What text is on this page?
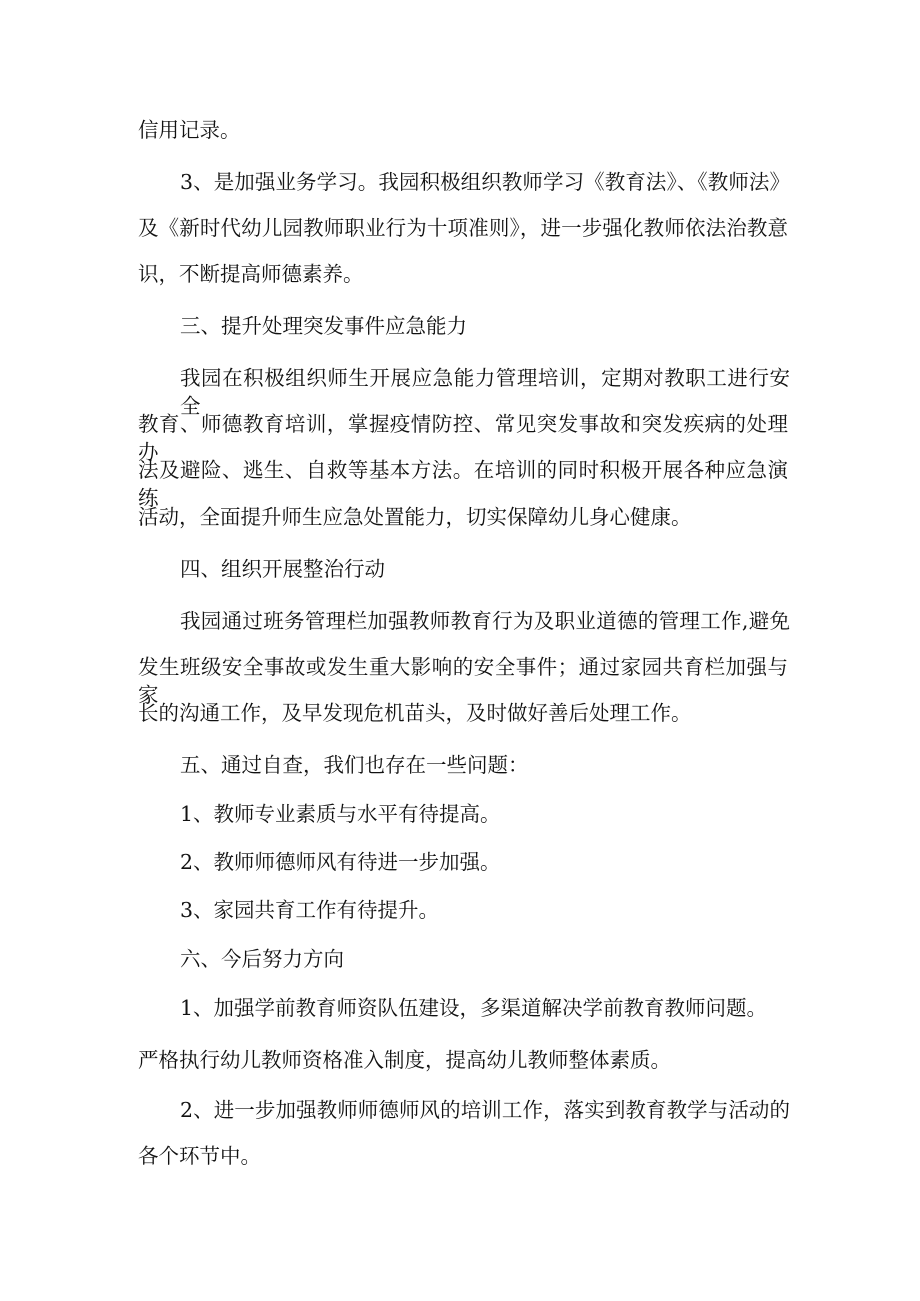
信用记录。
3、是加强业务学习。我园积极组织教师学习《教育法》、《教师法》
及《新时代幼儿园教师职业行为十项准则》，进一步强化教师依法治教意
识，不断提高师德素养。
三、提升处理突发事件应急能力
我园在积极组织师生开展应急能力管理培训，定期对教职工进行安全
教育、师德教育培训，掌握疫情防控、常见突发事故和突发疾病的处理办
法及避险、逃生、自救等基本方法。在培训的同时积极开展各种应急演练
活动，全面提升师生应急处置能力，切实保障幼儿身心健康。
四、组织开展整治行动
我园通过班务管理栏加强教师教育行为及职业道德的管理工作,避免
发生班级安全事故或发生重大影响的安全事件；通过家园共育栏加强与家
长的沟通工作，及早发现危机苗头，及时做好善后处理工作。
五、通过自查，我们也存在一些问题：
1、教师专业素质与水平有待提高。
2、教师师德师风有待进一步加强。
3、家园共育工作有待提升。
六、今后努力方向
1、加强学前教育师资队伍建设，多渠道解决学前教育教师问题。
严格执行幼儿教师资格准入制度，提高幼儿教师整体素质。
2、进一步加强教师师德师风的培训工作，落实到教育教学与活动的
各个环节中。
